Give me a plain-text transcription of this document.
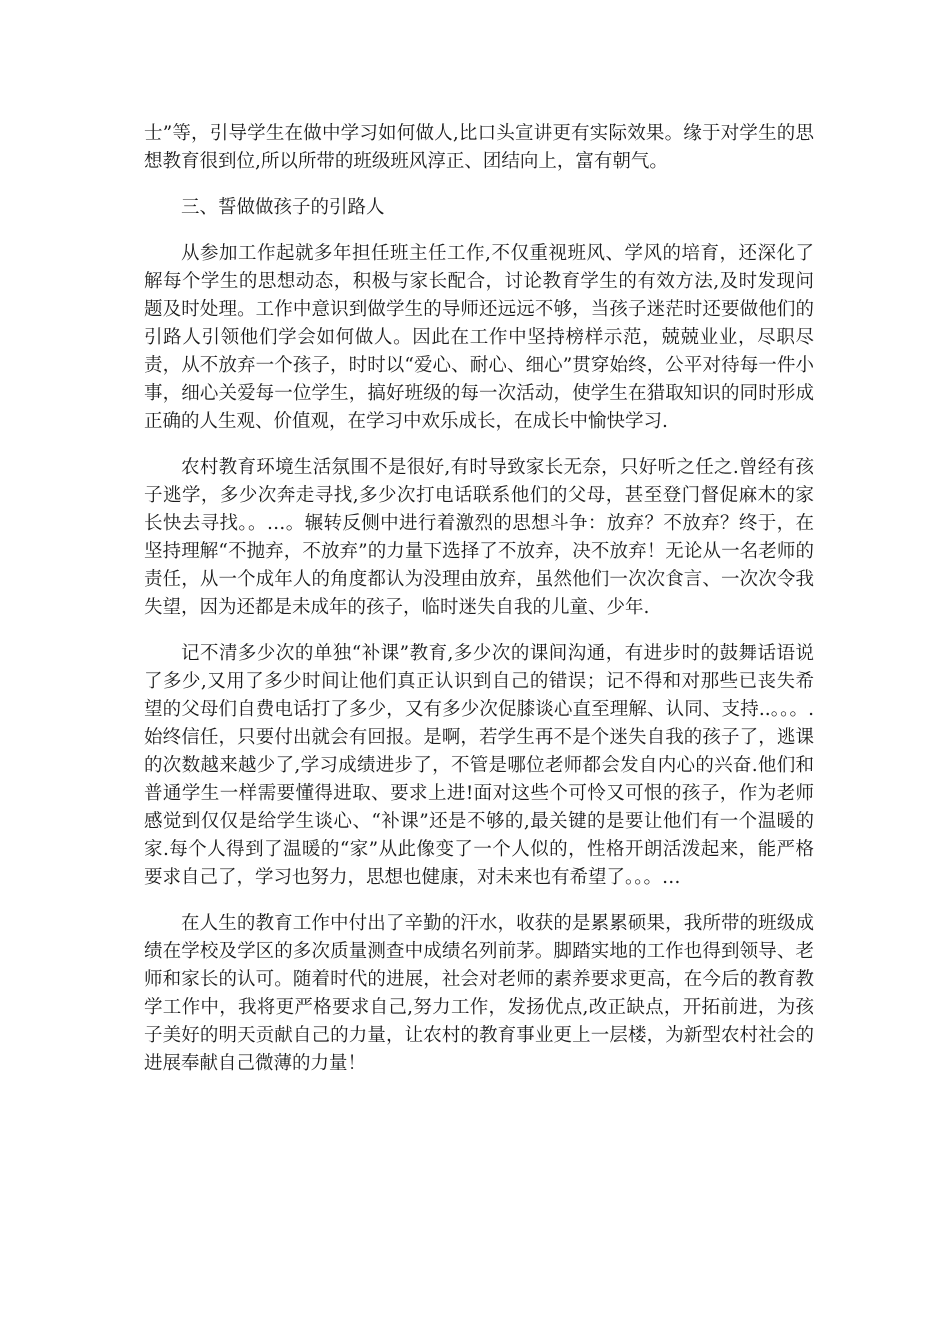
士”等，引导学生在做中学习如何做人,比口头宣讲更有实际效果。缘于对学生的思想教育很到位,所以所带的班级班风淳正、团结向上，富有朝气。

三、誓做做孩子的引路人

从参加工作起就多年担任班主任工作,不仅重视班风、学风的培育，还深化了解每个学生的思想动态，积极与家长配合，讨论教育学生的有效方法,及时发现问题及时处理。工作中意识到做学生的导师还远远不够，当孩子迷茫时还要做他们的引路人引领他们学会如何做人。因此在工作中坚持榜样示范，兢兢业业，尽职尽责，从不放弃一个孩子，时时以“爱心、耐心、细心”贯穿始终，公平对待每一件小事，细心关爱每一位学生，搞好班级的每一次活动，使学生在猎取知识的同时形成正确的人生观、价值观，在学习中欢乐成长，在成长中愉快学习.

农村教育环境生活氛围不是很好,有时导致家长无奈，只好听之任之.曾经有孩子逃学，多少次奔走寻找,多少次打电话联系他们的父母，甚至登门督促麻木的家长快去寻找。。…。辗转反侧中进行着激烈的思想斗争：放弃？不放弃？终于，在坚持理解“不抛弃，不放弃”的力量下选择了不放弃，决不放弃！无论从一名老师的责任，从一个成年人的角度都认为没理由放弃，虽然他们一次次食言、一次次令我失望，因为还都是未成年的孩子，临时迷失自我的儿童、少年.

记不清多少次的单独“补课”教育,多少次的课间沟通，有进步时的鼓舞话语说了多少,又用了多少时间让他们真正认识到自己的错误；记不得和对那些已丧失希望的父母们自费电话打了多少，又有多少次促膝谈心直至理解、认同、支持..。。。.始终信任，只要付出就会有回报。是啊，若学生再不是个迷失自我的孩子了，逃课的次数越来越少了,学习成绩进步了，不管是哪位老师都会发自内心的兴奋.他们和普通学生一样需要懂得进取、要求上进!面对这些个可怜又可恨的孩子，作为老师感觉到仅仅是给学生谈心、“补课”还是不够的,最关键的是要让他们有一个温暖的家.每个人得到了温暖的“家”从此像变了一个人似的，性格开朗活泼起来，能严格要求自己了，学习也努力，思想也健康，对未来也有希望了。。。…

在人生的教育工作中付出了辛勤的汗水，收获的是累累硕果，我所带的班级成绩在学校及学区的多次质量测查中成绩名列前茅。脚踏实地的工作也得到领导、老师和家长的认可。随着时代的进展，社会对老师的素养要求更高，在今后的教育教学工作中，我将更严格要求自己,努力工作，发扬优点,改正缺点，开拓前进，为孩子美好的明天贡献自己的力量，让农村的教育事业更上一层楼，为新型农村社会的进展奉献自己微薄的力量！
